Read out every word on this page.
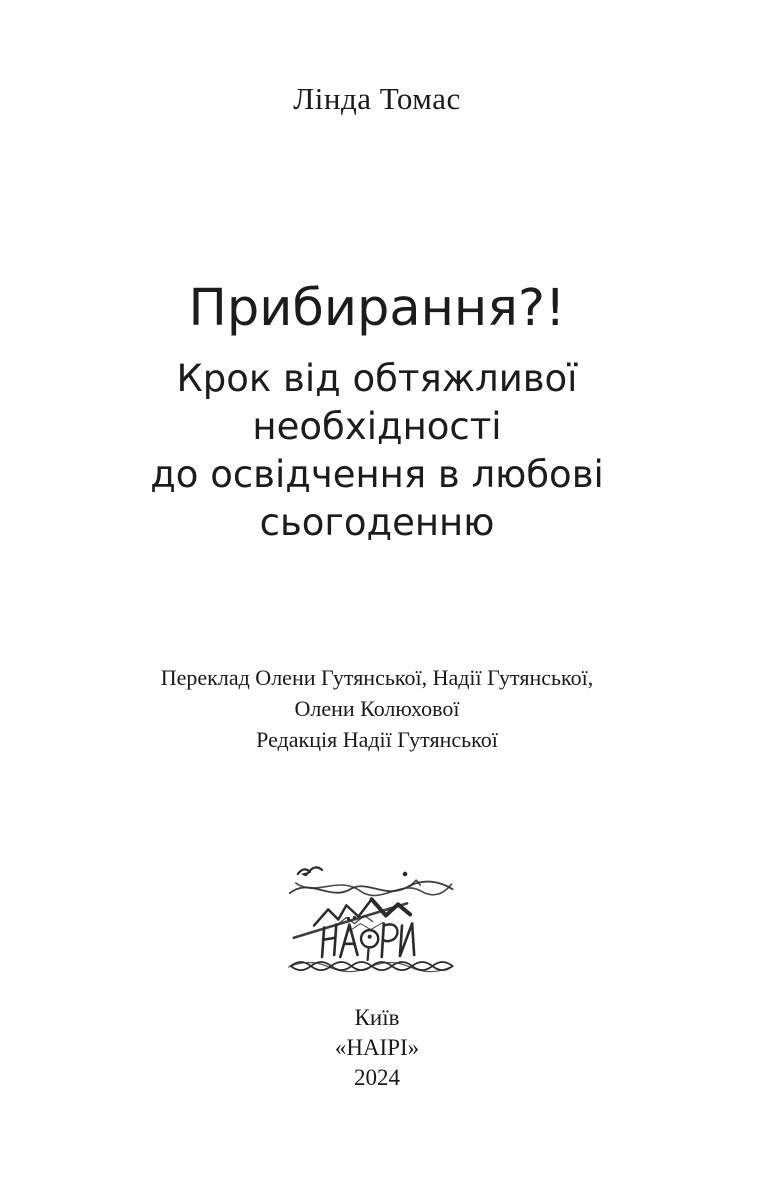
Лінда Томас
Прибирання?!
Крок від обтяжливої
необхідності
до освідчення в любові
сьогоденню
Переклад Олени Гутянської, Надії Гутянської,
Олени Колюхової
Редакція Надії Гутянської
Київ
«НАІРІ»
2024
